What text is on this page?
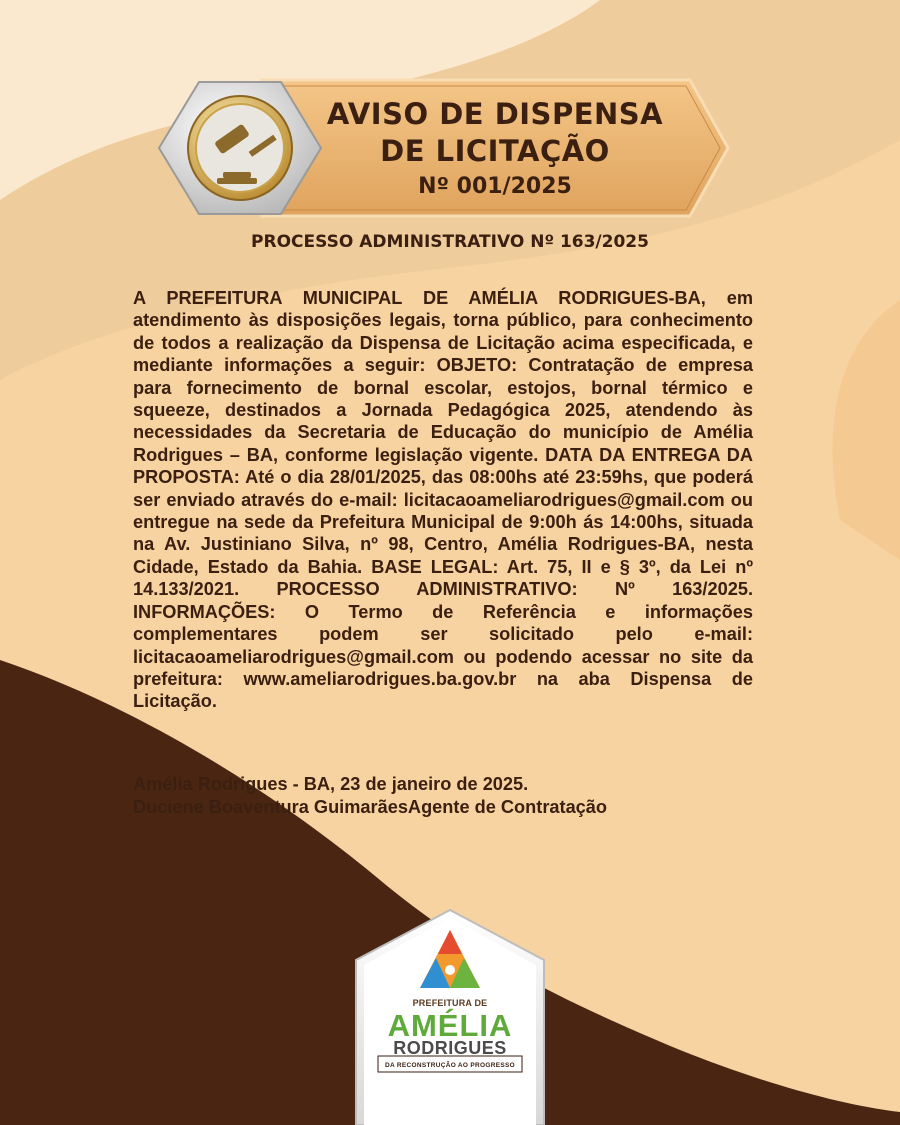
AVISO DE DISPENSA
DE LICITAÇÃO
Nº 001/2025
PROCESSO ADMINISTRATIVO Nº 163/2025
A PREFEITURA MUNICIPAL DE AMÉLIA RODRIGUES-BA, em atendimento às disposições legais, torna público, para conhecimento de todos a realização da Dispensa de Licitação acima especificada, e mediante informações a seguir: OBJETO: Contratação de empresa para fornecimento de bornal escolar, estojos, bornal térmico e squeeze, destinados a Jornada Pedagógica 2025, atendendo às necessidades da Secretaria de Educação do município de Amélia Rodrigues – BA, conforme legislação vigente. DATA DA ENTREGA DA PROPOSTA: Até o dia 28/01/2025, das 08:00hs até 23:59hs, que poderá ser enviado através do e-mail: licitacaoameliarodrigues@gmail.com ou entregue na sede da Prefeitura Municipal de 9:00h ás 14:00hs, situada na Av. Justiniano Silva, nº 98, Centro, Amélia Rodrigues-BA, nesta Cidade, Estado da Bahia. BASE LEGAL: Art. 75, II e § 3º, da Lei nº 14.133/2021. PROCESSO ADMINISTRATIVO: Nº 163/2025. INFORMAÇÕES: O Termo de Referência e informações complementares podem ser solicitado pelo e-mail: licitacaoameliarodrigues@gmail.com ou podendo acessar no site da prefeitura: www.ameliarodrigues.ba.gov.br na aba Dispensa de Licitação.
Amélia Rodrigues - BA, 23 de janeiro de 2025.
Duciene Boaventura GuimarãesAgente de Contratação
PREFEITURA DE
AMÉLIA
RODRIGUES
DA RECONSTRUÇÃO AO PROGRESSO
